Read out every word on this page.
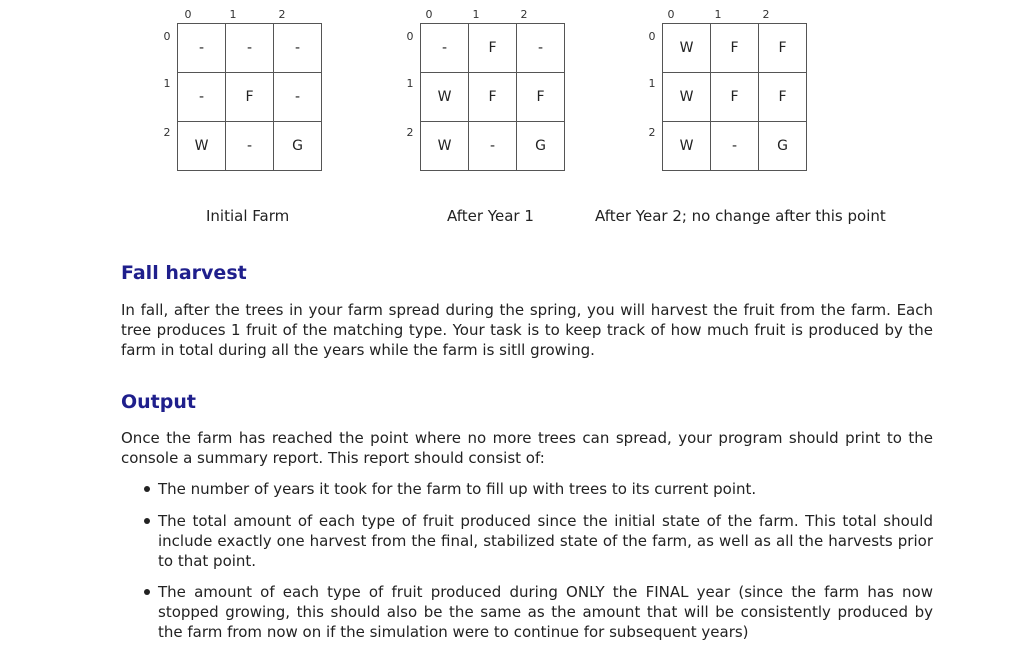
0	1	2
0
1
2
-	-	-
-	F	-
W	-	G
0	1	2
0
1
2
-	F	-
W	F	F
W	-	G
0	1	2
0
1
2
W	F	F
W	F	F
W	-	G
Initial Farm	After Year 1	After Year 2; no change after this point
Fall harvest

In fall, after the trees in your farm spread during the spring, you will harvest the fruit from the farm. Each tree produces 1 fruit of the matching type. Your task is to keep track of how much fruit is produced by the farm in total during all the years while the farm is sitll growing.

Output

Once the farm has reached the point where no more trees can spread, your program should print to the console a summary report. This report should consist of:

The number of years it took for the farm to fill up with trees to its current point.
The total amount of each type of fruit produced since the initial state of the farm. This total should include exactly one harvest from the final, stabilized state of the farm, as well as all the harvests prior to that point.
The amount of each type of fruit produced during ONLY the FINAL year (since the farm has now stopped growing, this should also be the same as the amount that will be consistently produced by the farm from now on if the simulation were to continue for subsequent years)
